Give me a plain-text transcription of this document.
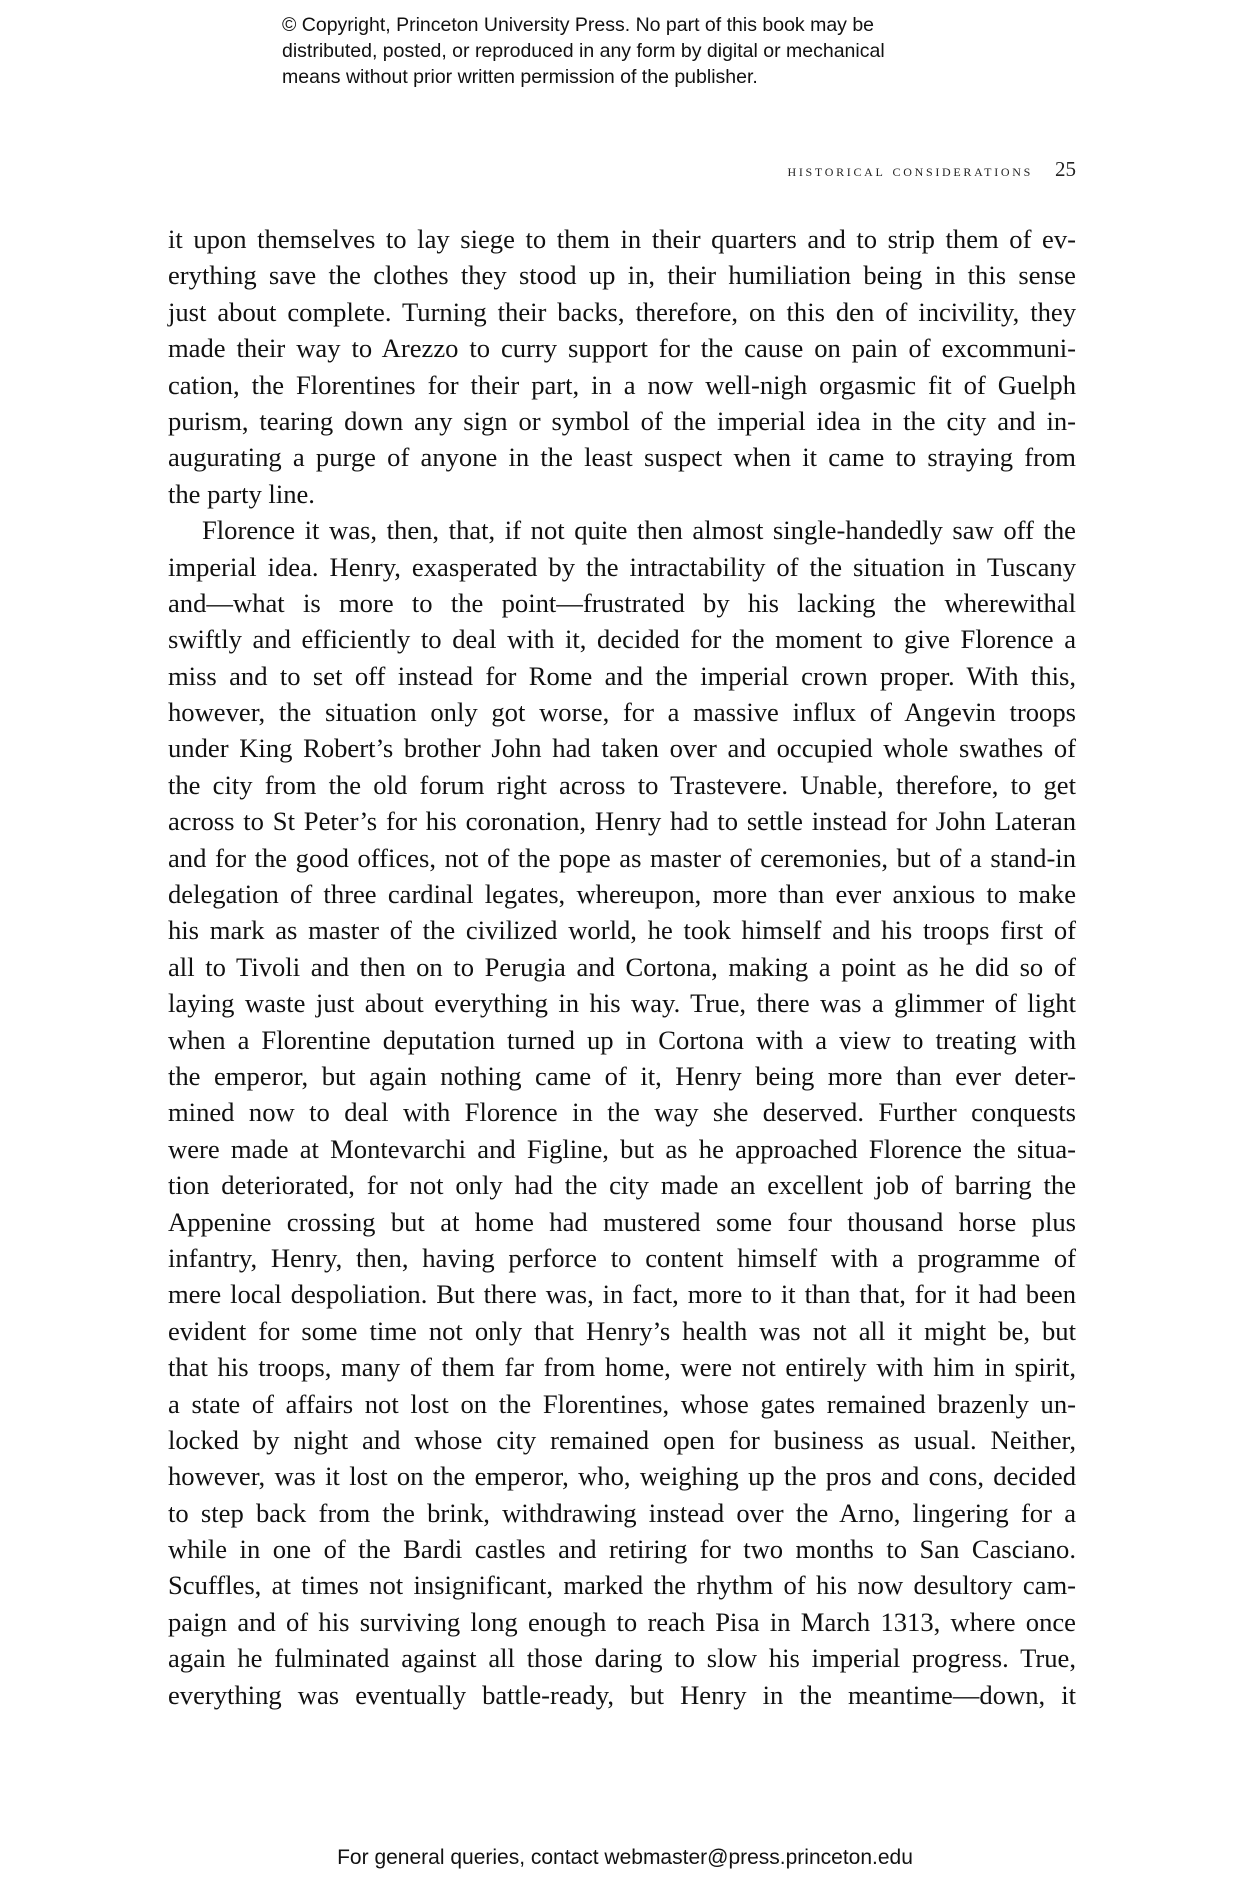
© Copyright, Princeton University Press. No part of this book may be
distributed, posted, or reproduced in any form by digital or mechanical
means without prior written permission of the publisher.
historical considerations 25
it upon themselves to lay siege to them in their quarters and to strip them of ev-
erything save the clothes they stood up in, their humiliation being in this sense
just about complete. Turning their backs, therefore, on this den of incivility, they
made their way to Arezzo to curry support for the cause on pain of excommuni-
cation, the Florentines for their part, in a now well-nigh orgasmic fit of Guelph
purism, tearing down any sign or symbol of the imperial idea in the city and in-
augurating a purge of anyone in the least suspect when it came to straying from
the party line.
Florence it was, then, that, if not quite then almost single-handedly saw off the
imperial idea. Henry, exasperated by the intractability of the situation in Tuscany
and—what is more to the point—frustrated by his lacking the wherewithal
swiftly and efficiently to deal with it, decided for the moment to give Florence a
miss and to set off instead for Rome and the imperial crown proper. With this,
however, the situation only got worse, for a massive influx of Angevin troops
under King Robert’s brother John had taken over and occupied whole swathes of
the city from the old forum right across to Trastevere. Unable, therefore, to get
across to St Peter’s for his coronation, Henry had to settle instead for John Lateran
and for the good offices, not of the pope as master of ceremonies, but of a stand-in
delegation of three cardinal legates, whereupon, more than ever anxious to make
his mark as master of the civilized world, he took himself and his troops first of
all to Tivoli and then on to Perugia and Cortona, making a point as he did so of
laying waste just about everything in his way. True, there was a glimmer of light
when a Florentine deputation turned up in Cortona with a view to treating with
the emperor, but again nothing came of it, Henry being more than ever deter-
mined now to deal with Florence in the way she deserved. Further conquests
were made at Montevarchi and Figline, but as he approached Florence the situa-
tion deteriorated, for not only had the city made an excellent job of barring the
Appenine crossing but at home had mustered some four thousand horse plus
infantry, Henry, then, having perforce to content himself with a programme of
mere local despoliation. But there was, in fact, more to it than that, for it had been
evident for some time not only that Henry’s health was not all it might be, but
that his troops, many of them far from home, were not entirely with him in spirit,
a state of affairs not lost on the Florentines, whose gates remained brazenly un-
locked by night and whose city remained open for business as usual. Neither,
however, was it lost on the emperor, who, weighing up the pros and cons, decided
to step back from the brink, withdrawing instead over the Arno, lingering for a
while in one of the Bardi castles and retiring for two months to San Casciano.
Scuffles, at times not insignificant, marked the rhythm of his now desultory cam-
paign and of his surviving long enough to reach Pisa in March 1313, where once
again he fulminated against all those daring to slow his imperial progress. True,
everything was eventually battle-ready, but Henry in the meantime—down, it
For general queries, contact webmaster@press.princeton.edu
